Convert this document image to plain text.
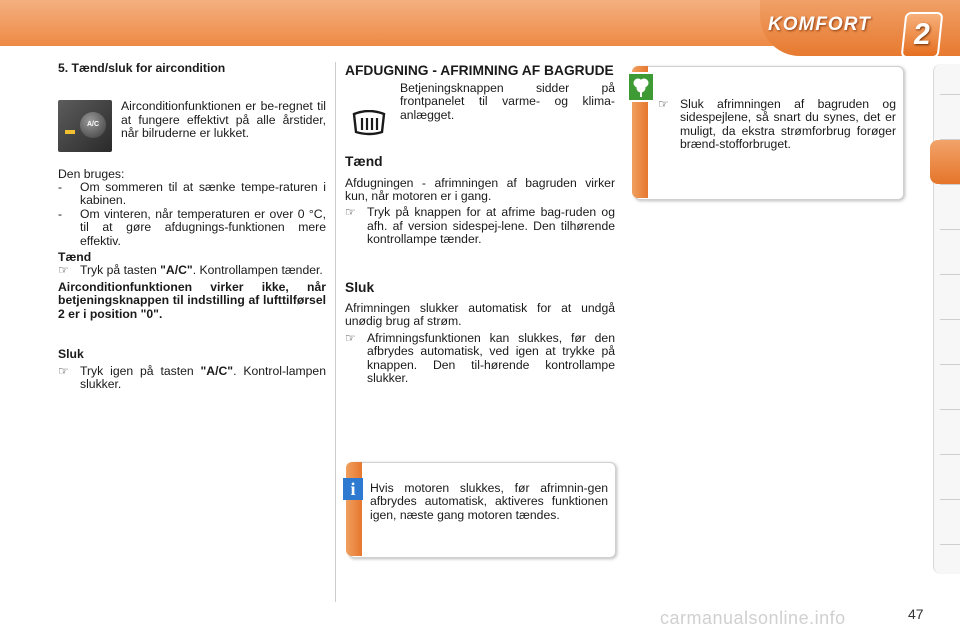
KOMFORT	2
5. Tænd/sluk for aircondition
A/C

Airconditionfunktionen er be-regnet til at fungere effektivt på alle årstider, når bilruderne er lukket.

Den bruges:

-	Om sommeren til at sænke tempe-raturen i kabinen.
-	Om vinteren, når temperaturen er over 0 °C, til at gøre afdugnings-funktionen mere effektiv.
Tænd
☞ Tryk på tasten "A/C". Kontrollampen tænder.

Airconditionfunktionen virker ikke, når betjeningsknappen til indstilling af lufttilførsel 2 er i position "0".

Sluk
☞ Tryk igen på tasten "A/C". Kontrol-lampen slukker.
AFDUGNING - AFRIMNING AF BAGRUDE

Betjeningsknappen sidder på frontpanelet til varme- og klima-anlægget.

Tænd

Afdugningen - afrimningen af bagruden virker kun, når motoren er i gang.

☞ Tryk på knappen for at afrime bag-ruden og afh. af version sidespej-lene. Den tilhørende kontrollampe tænder.
Sluk

Afrimningen slukker automatisk for at undgå unødig brug af strøm.

☞ Afrimningsfunktionen kan slukkes, før den afbrydes automatisk, ved igen at trykke på knappen. Den til-hørende kontrollampe slukker.
i	Hvis motoren slukkes, før afrimnin-gen afbrydes automatisk, aktiveres funktionen igen, næste gang motoren tændes.
☞ Sluk afrimningen af bagruden og sidespejlene, så snart du synes, det er muligt, da ekstra strømforbrug forøger brænd-stofforbruget.
carmanualsonline.info	47
